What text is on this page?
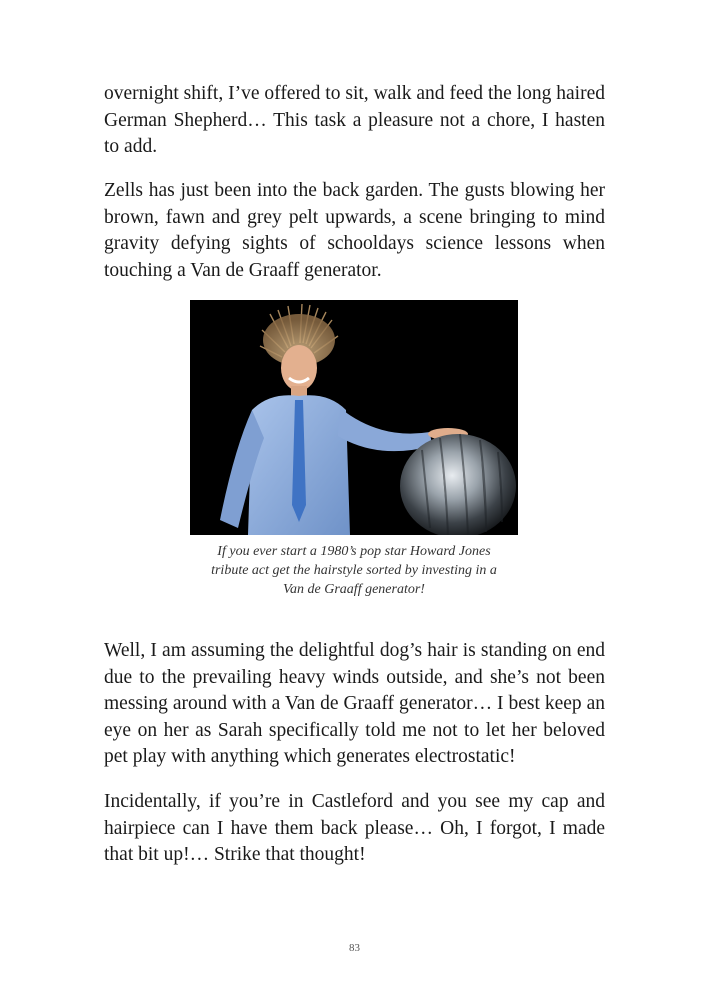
overnight shift, I’ve offered to sit, walk and feed the long haired German Shepherd… This task a pleasure not a chore, I hasten to add.

Zells has just been into the back garden. The gusts blowing her brown, fawn and grey pelt upwards, a scene bringing to mind gravity defying sights of schooldays science lessons when touching a Van de Graaff generator.

If you ever start a 1980’s pop star Howard Jones
tribute act get the hairstyle sorted by investing in a
Van de Graaff generator!

Well, I am assuming the delightful dog’s hair is standing on end due to the prevailing heavy winds outside, and she’s not been messing around with a Van de Graaff generator… I best keep an eye on her as Sarah specifically told me not to let her beloved pet play with anything which generates electrostatic!

Incidentally, if you’re in Castleford and you see my cap and hairpiece can I have them back please… Oh, I forgot, I made that bit up!… Strike that thought!

83
